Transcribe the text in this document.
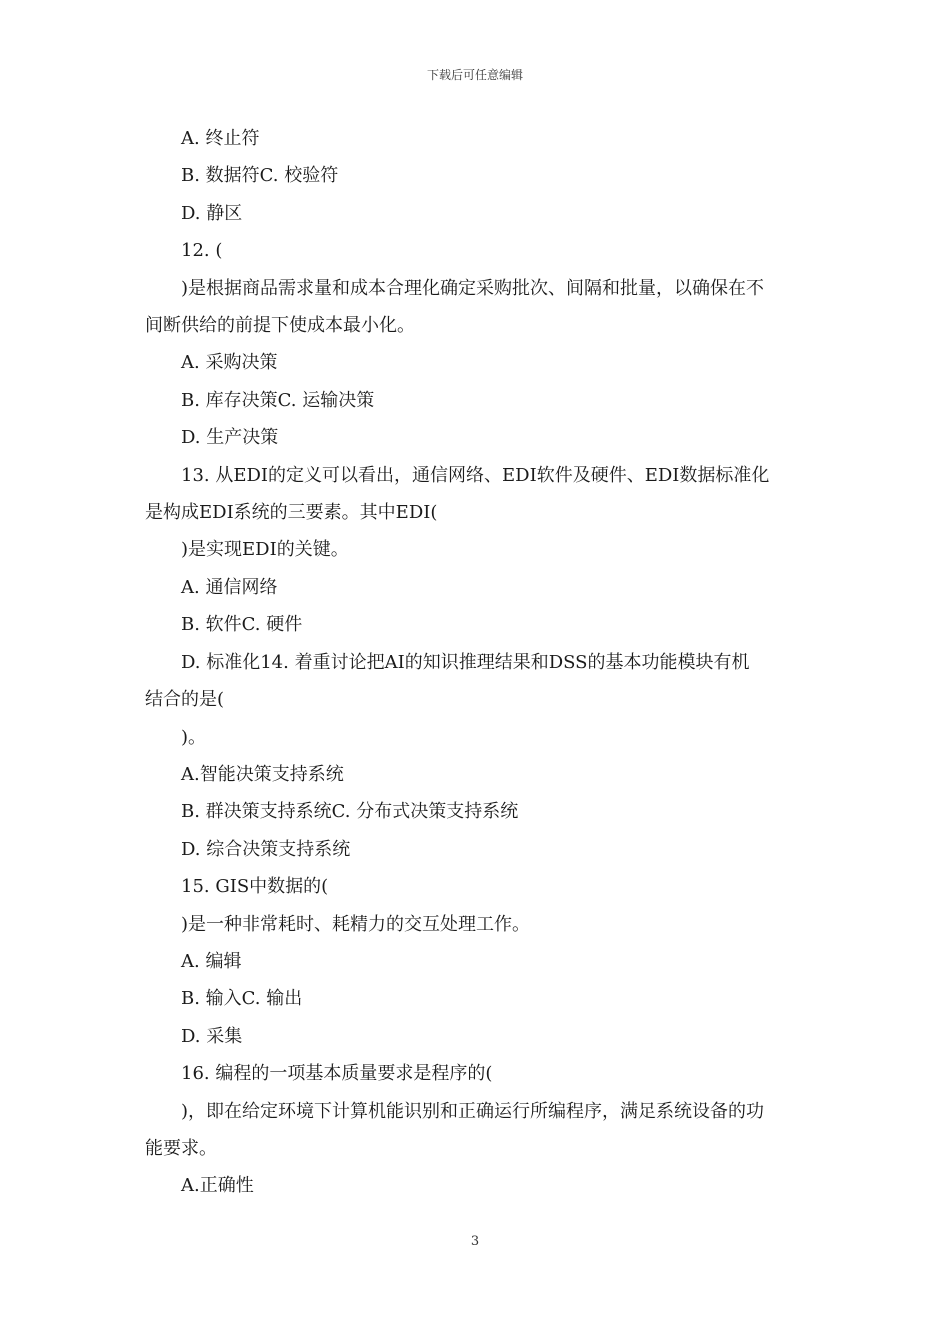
下载后可任意编辑

A. 终止符

B. 数据符C. 校验符

D. 静区

12. (

)是根据商品需求量和成本合理化确定采购批次、间隔和批量，以确保在不

间断供给的前提下使成本最小化。

A. 采购决策

B. 库存决策C. 运输决策

D. 生产决策

13. 从EDI的定义可以看出，通信网络、EDI软件及硬件、EDI数据标准化

是构成EDI系统的三要素。其中EDI(

)是实现EDI的关键。

A. 通信网络

B. 软件C. 硬件

D. 标准化14. 着重讨论把AI的知识推理结果和DSS的基本功能模块有机

结合的是(

)。

A.智能决策支持系统

B. 群决策支持系统C. 分布式决策支持系统

D. 综合决策支持系统

15. GIS中数据的(

)是一种非常耗时、耗精力的交互处理工作。

A. 编辑

B. 输入C. 输出

D. 采集

16. 编程的一项基本质量要求是程序的(

)，即在给定环境下计算机能识别和正确运行所编程序，满足系统设备的功

能要求。

A.正确性

3
